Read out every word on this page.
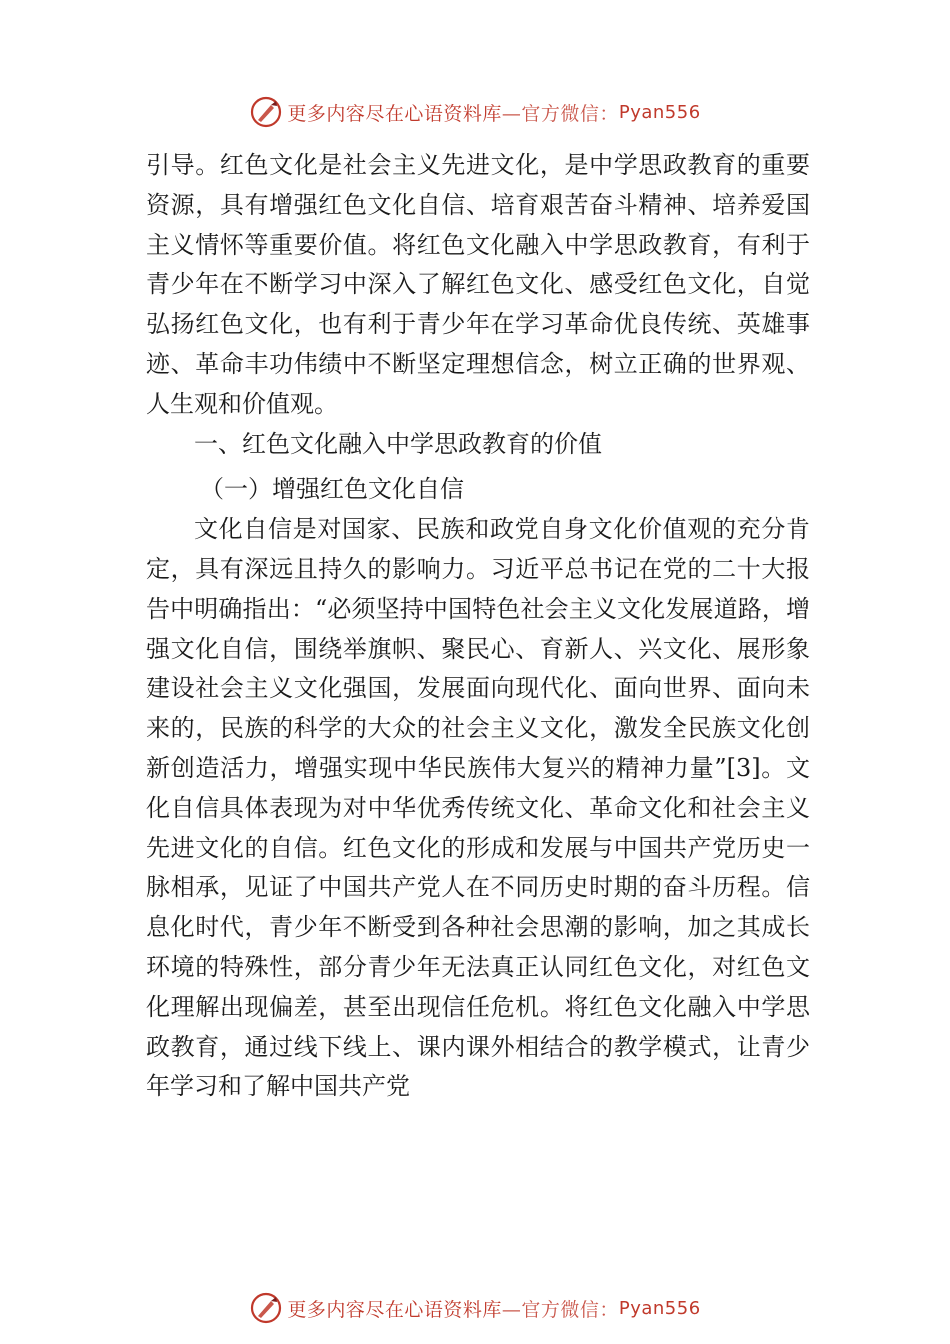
更多内容尽在心语资料库 —官方微信： Pyan556

引导。红色文化是社会主义先进文化，是中学思政教育的重要资源，具有增强红色文化自信、培育艰苦奋斗精神、培养爱国主义情怀等重要价值。将红色文化融入中学思政教育，有利于青少年在不断学习中深入了解红色文化、感受红色文化，自觉弘扬红色文化，也有利于青少年在学习革命优良传统、英雄事迹、革命丰功伟绩中不断坚定理想信念，树立正确的世界观、人生观和价值观。

一、红色文化融入中学思政教育的价值

（一）增强红色文化自信

文化自信是对国家、民族和政党自身文化价值观的充分肯定，具有深远且持久的影响力。习近平总书记在党的二十大报告中明确指出：“必须坚持中国特色社会主义文化发展道路，增强文化自信，围绕举旗帜、聚民心、育新人、兴文化、展形象建设社会主义文化强国，发展面向现代化、面向世界、面向未来的，民族的科学的大众的社会主义文化，激发全民族文化创新创造活力，增强实现中华民族伟大复兴的精神力量”[3]。文化自信具体表现为对中华优秀传统文化、革命文化和社会主义先进文化的自信。红色文化的形成和发展与中国共产党历史一脉相承，见证了中国共产党人在不同历史时期的奋斗历程。信息化时代，青少年不断受到各种社会思潮的影响，加之其成长环境的特殊性，部分青少年无法真正认同红色文化，对红色文化理解出现偏差，甚至出现信任危机。将红色文化融入中学思政教育，通过线下线上、课内课外相结合的教学模式，让青少年学习和了解中国共产党

更多内容尽在心语资料库 —官方微信： Pyan556
